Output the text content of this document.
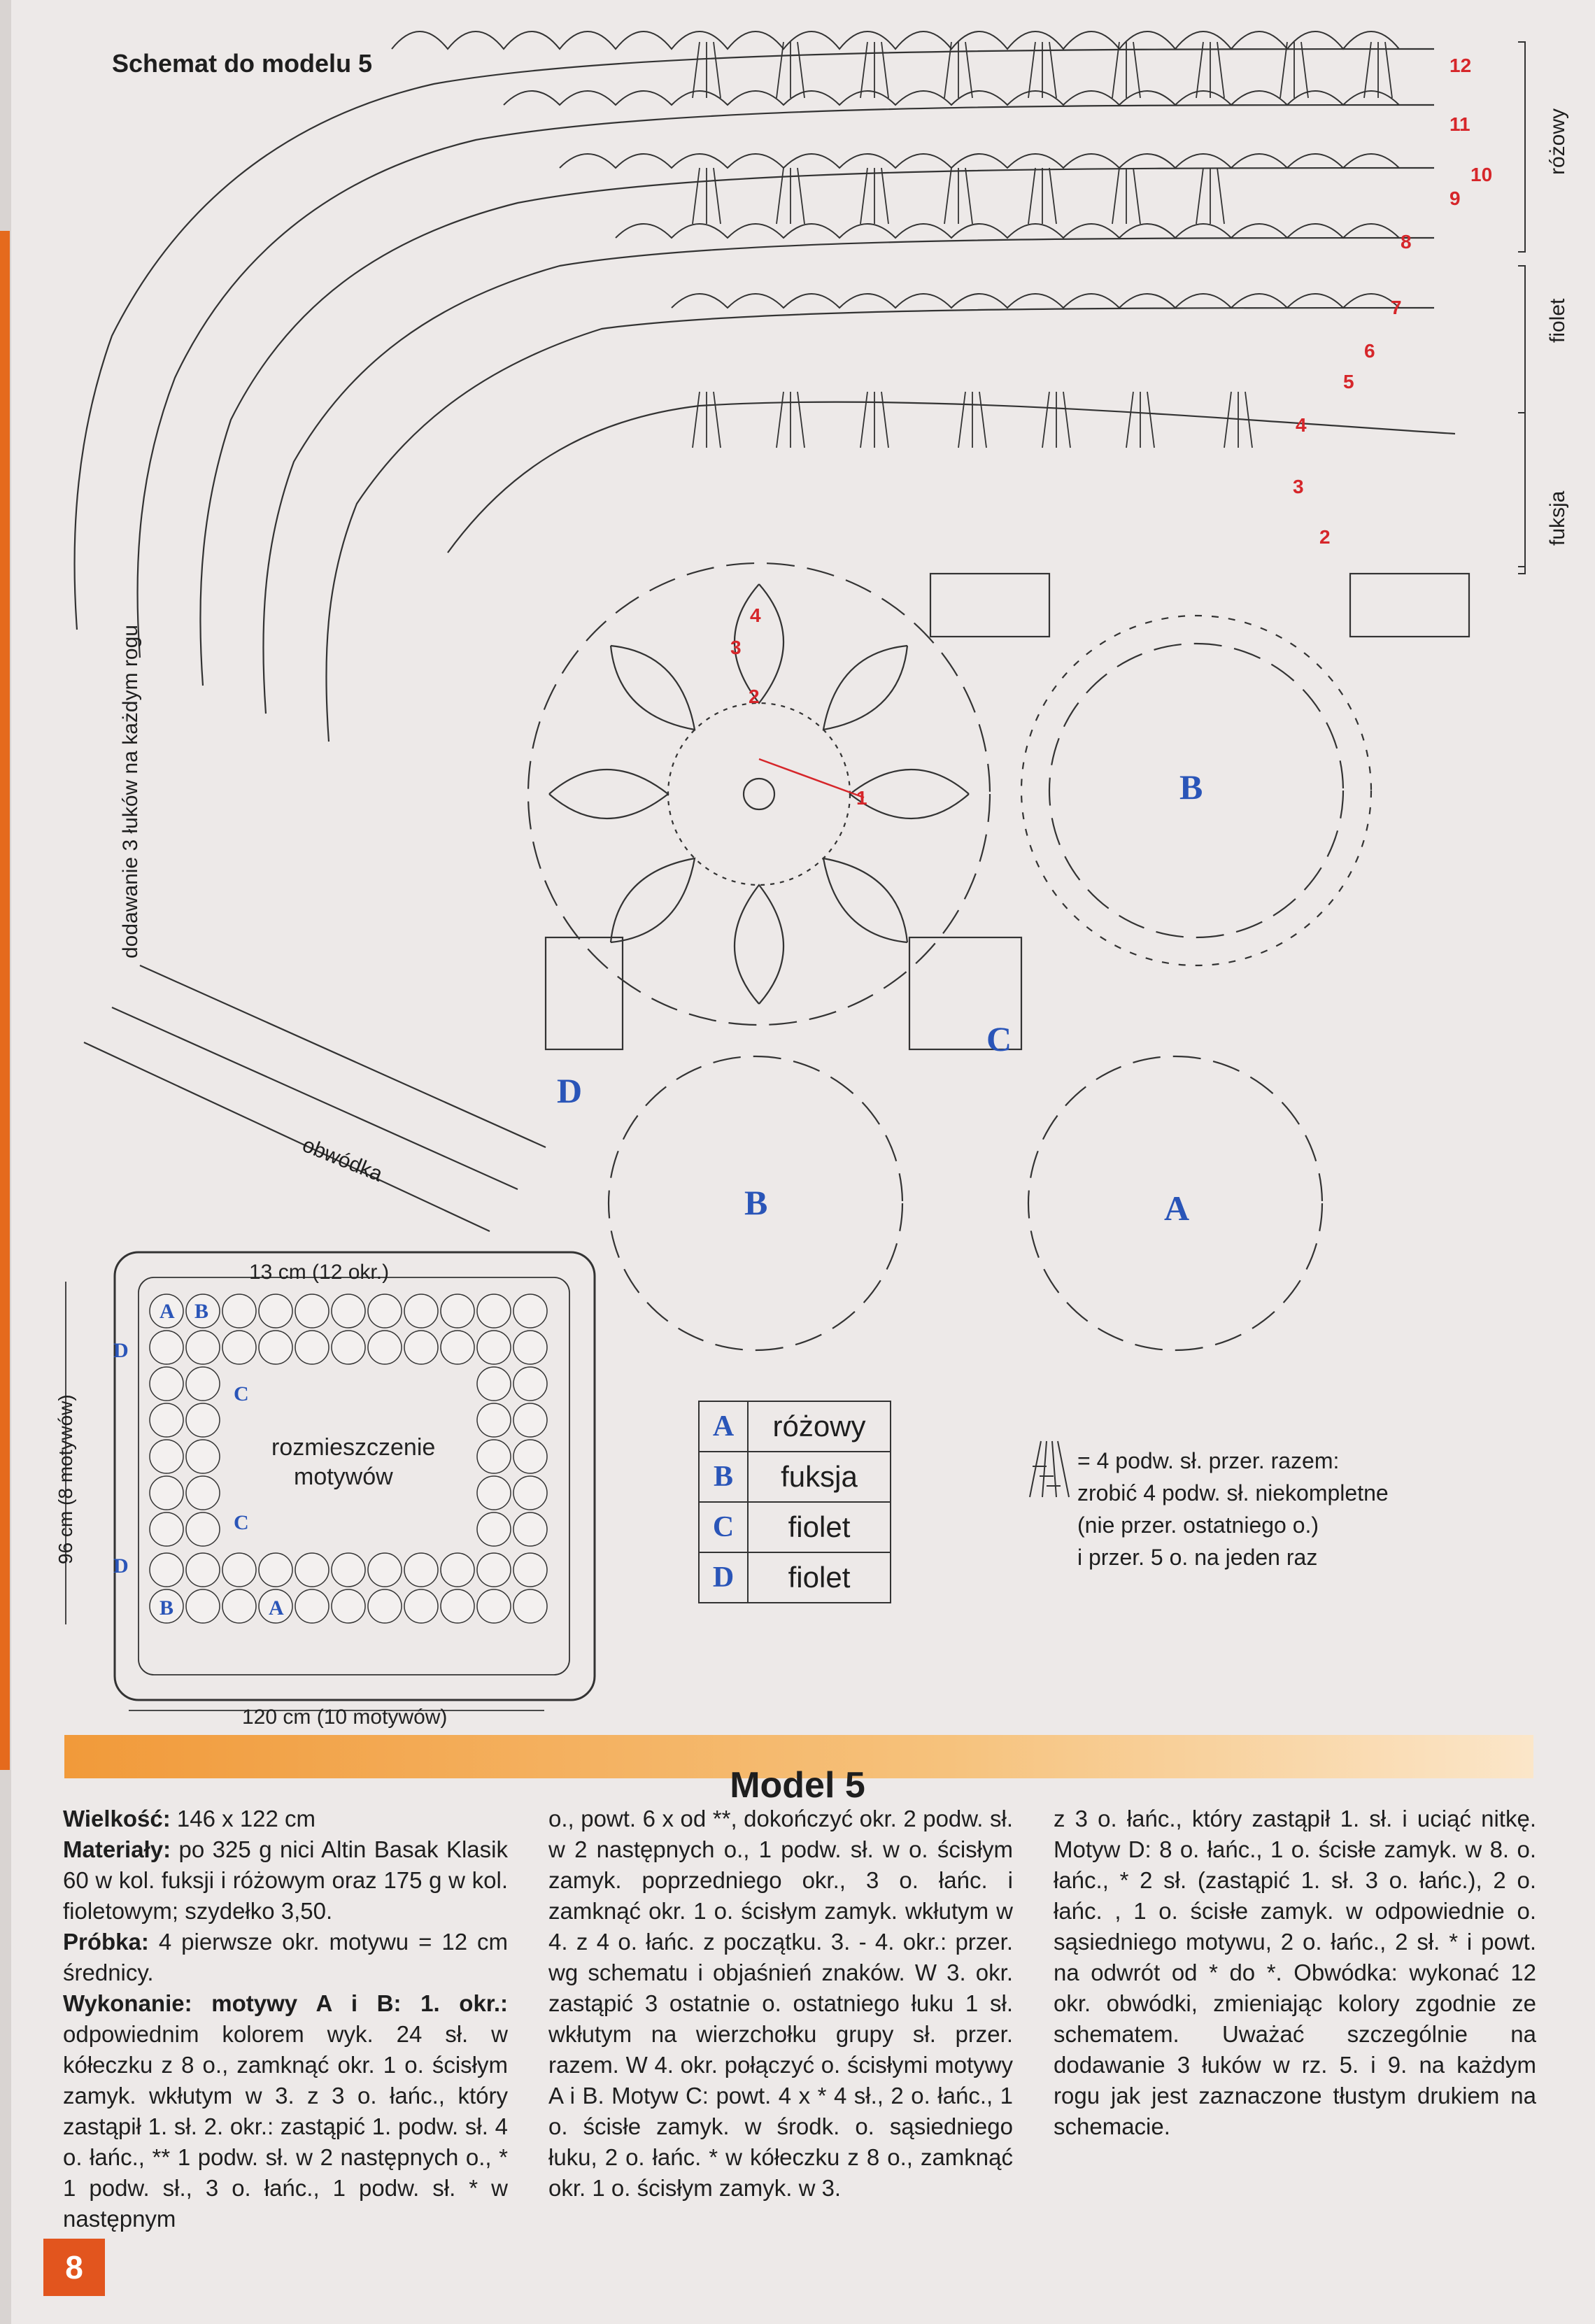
Schemat do modelu 5
dodawanie 3 łuków na każdym rogu
obwódka
różowy
fiolet
fuksja
2
3
4
5
6
7
8
9
10
11
12
1
2
3
4
B
B	A
C
D
13 cm (12 okr.)
120 cm (10 motywów)
96 cm (8 motywów)	rozmieszczenie
motywów
D
A B
C
C
D
B	A
A	różowy
B	fuksja
C	fiolet
D	fiolet
= 4 podw. sł. przer. razem:
zrobić 4 podw. sł. niekompletne
(nie przer. ostatniego o.)
i przer. 5 o. na jeden raz
Model 5

Wielkość: 146 x 122 cm

Materiały: po 325 g nici Altin Basak Klasik 60 w kol. fuksji i różowym oraz 175 g w kol. fioletowym; szydełko 3,50.

Próbka: 4 pierwsze okr. motywu = 12 cm średnicy.

Wykonanie: motywy A i B: 1. okr.: odpowiednim kolorem wyk. 24 sł. w kółeczku z 8 o., zamknąć okr. 1 o. ścisłym zamyk. wkłutym w 3. z 3 o. łańc., który zastąpił 1. sł. 2. okr.: zastąpić 1. podw. sł. 4 o. łańc., ** 1 podw. sł. w 2 następnych o., * 1 podw. sł., 3 o. łańc., 1 podw. sł. * w następnym

o., powt. 6 x od **, dokończyć okr. 2 podw. sł. w 2 następnych o., 1 podw. sł. w o. ścisłym zamyk. poprzedniego okr., 3 o. łańc. i zamknąć okr. 1 o. ścisłym zamyk. wkłutym w 4. z 4 o. łańc. z początku. 3. - 4. okr.: przer. wg schematu i objaśnień znaków. W 3. okr. zastąpić 3 ostatnie o. ostatniego łuku 1 sł. wkłutym na wierzchołku grupy sł. przer. razem. W 4. okr. połączyć o. ścisłymi motywy A i B. Motyw C: powt. 4 x * 4 sł., 2 o. łańc., 1 o. ścisłe zamyk. w środk. o. sąsiedniego łuku, 2 o. łańc. * w kółeczku z 8 o., zamknąć okr. 1 o. ścisłym zamyk. w 3.

z 3 o. łańc., który zastąpił 1. sł. i uciąć nitkę. Motyw D: 8 o. łańc., 1 o. ścisłe zamyk. w 8. o. łańc., * 2 sł. (zastąpić 1. sł. 3 o. łańc.), 2 o. łańc. , 1 o. ścisłe zamyk. w odpowiednie o. sąsiedniego motywu, 2 o. łańc., 2 sł. * i powt. na odwrót od * do *. Obwódka: wykonać 12 okr. obwódki, zmieniając kolory zgodnie ze schematem. Uważać szczególnie na dodawanie 3 łuków w rz. 5. i 9. na każdym rogu jak jest zaznaczone tłustym drukiem na schemacie.

8
